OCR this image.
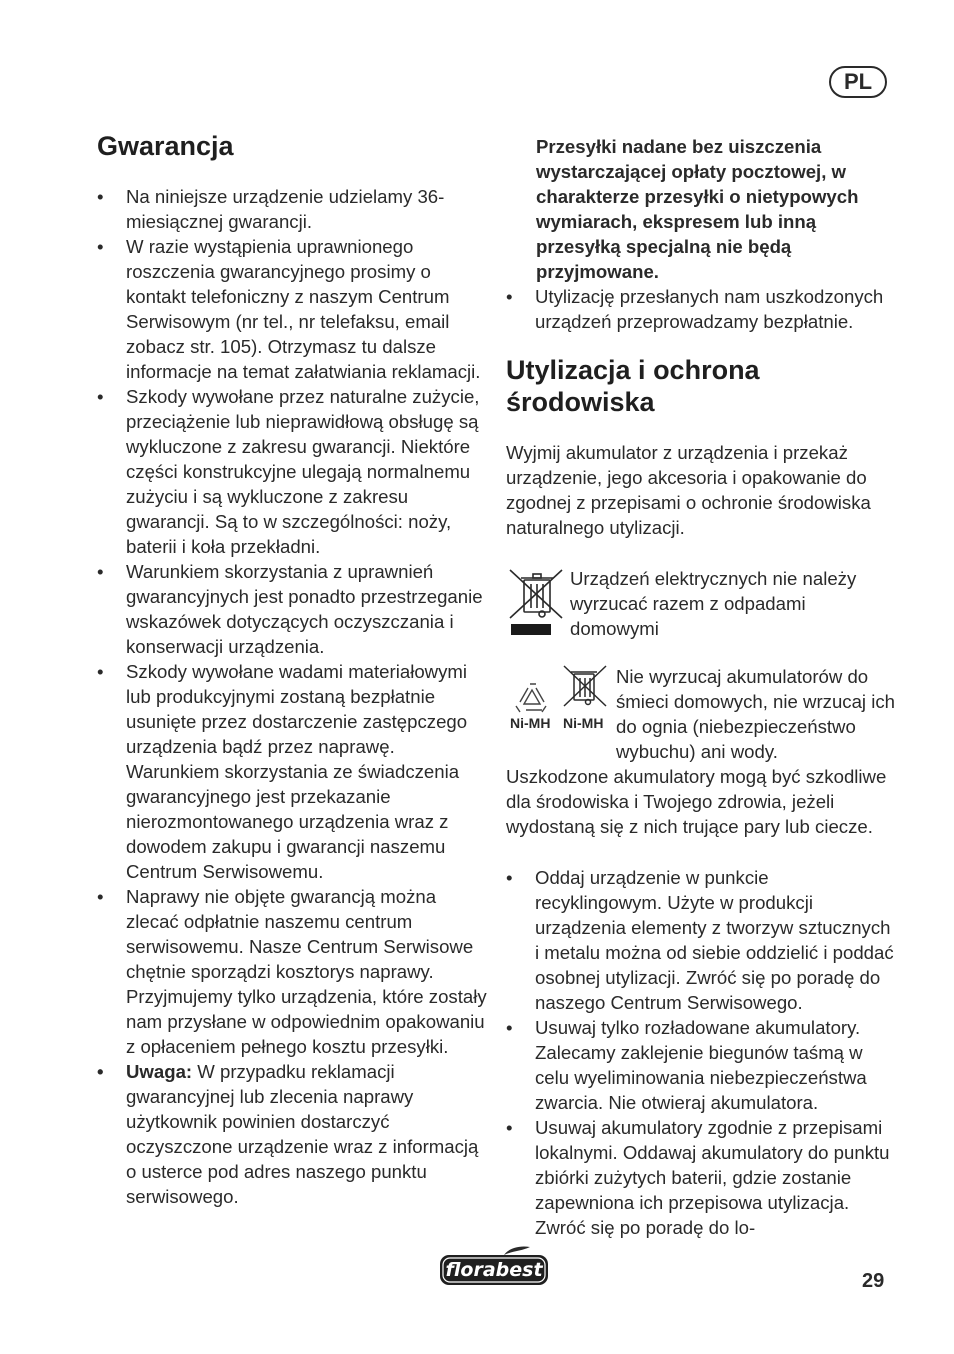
PL
Gwarancja
• Na niniejsze urządzenie udzielamy 36-miesiącznej gwarancji.
• W razie wystąpienia uprawnionego roszczenia gwarancyjnego prosimy o kontakt telefoniczny z naszym Centrum Serwisowym (nr tel., nr telefaksu, email zobacz str. 105). Otrzymasz tu dalsze informacje na temat załatwiania reklamacji.
• Szkody wywołane przez naturalne zużycie, przeciążenie lub nieprawidłową obsługę są wykluczone z zakresu gwarancji. Niektóre części konstrukcyjne ulegają normalnemu zużyciu i są wykluczone z zakresu gwarancji. Są to w szczególności: noży, baterii i koła przekładni.
• Warunkiem skorzystania z uprawnień gwarancyjnych jest ponadto przestrzeganie wskazówek dotyczących oczyszczania i konserwacji urządzenia.
• Szkody wywołane wadami materiałowymi lub produkcyjnymi zostaną bezpłatnie usunięte przez dostarczenie zastępczego urządzenia bądź przez naprawę. Warunkiem skorzystania ze świadczenia gwarancyjnego jest przekazanie nierozmontowanego urządzenia wraz z dowodem zakupu i gwarancji naszemu Centrum Serwisowemu.
• Naprawy nie objęte gwarancją można zlecać odpłatnie naszemu centrum serwisowemu. Nasze Centrum Serwisowe chętnie sporządzi kosztorys naprawy. Przyjmujemy tylko urządzenia, które zostały nam przysłane w odpowiednim opakowaniu z opłaceniem pełnego kosztu przesyłki.
• Uwaga: W przypadku reklamacji gwarancyjnej lub zlecenia naprawy użytkownik powinien dostarczyć oczyszczone urządzenie wraz z informacją o usterce pod adres naszego punktu serwisowego.

Przesyłki nadane bez uiszczenia wystarczającej opłaty pocztowej, w charakterze przesyłki o nietypowych wymiarach, ekspresem lub inną przesyłką specjalną nie będą przyjmowane.

• Utylizację przesłanych nam uszkodzonych urządzeń przeprowadzamy bezpłatnie.
Utylizacja i ochrona środowiska

Wyjmij akumulator z urządzenia i przekaż urządzenie, jego akcesoria i opakowanie do zgodnej z przepisami o ochronie środowiska naturalnego utylizacji.

Urządzeń elektrycznych nie należy wyrzucać razem z odpadami domowymi

Ni-MH Ni-MH

Nie wyrzucaj akumulatorów do śmieci domowych, nie wrzucaj ich do ognia (niebezpieczeństwo wybuchu) ani wody.

Uszkodzone akumulatory mogą być szkodliwe dla środowiska i Twojego zdrowia, jeżeli wydostaną się z nich trujące pary lub ciecze.

• Oddaj urządzenie w punkcie recyklingowym. Użyte w produkcji urządzenia elementy z tworzyw sztucznych i metalu można od siebie oddzielić i poddać osobnej utylizacji. Zwróć się po poradę do naszego Centrum Serwisowego.
• Usuwaj tylko rozładowane akumulatory. Zalecamy zaklejenie biegunów taśmą w celu wyeliminowania niebezpieczeństwa zwarcia. Nie otwieraj akumulatora.
• Usuwaj akumulatory zgodnie z przepisami lokalnymi. Oddawaj akumulatory do punktu zbiórki zużytych baterii, gdzie zostanie zapewniona ich przepisowa utylizacja. Zwróć się po poradę do lo-
florabest	29
